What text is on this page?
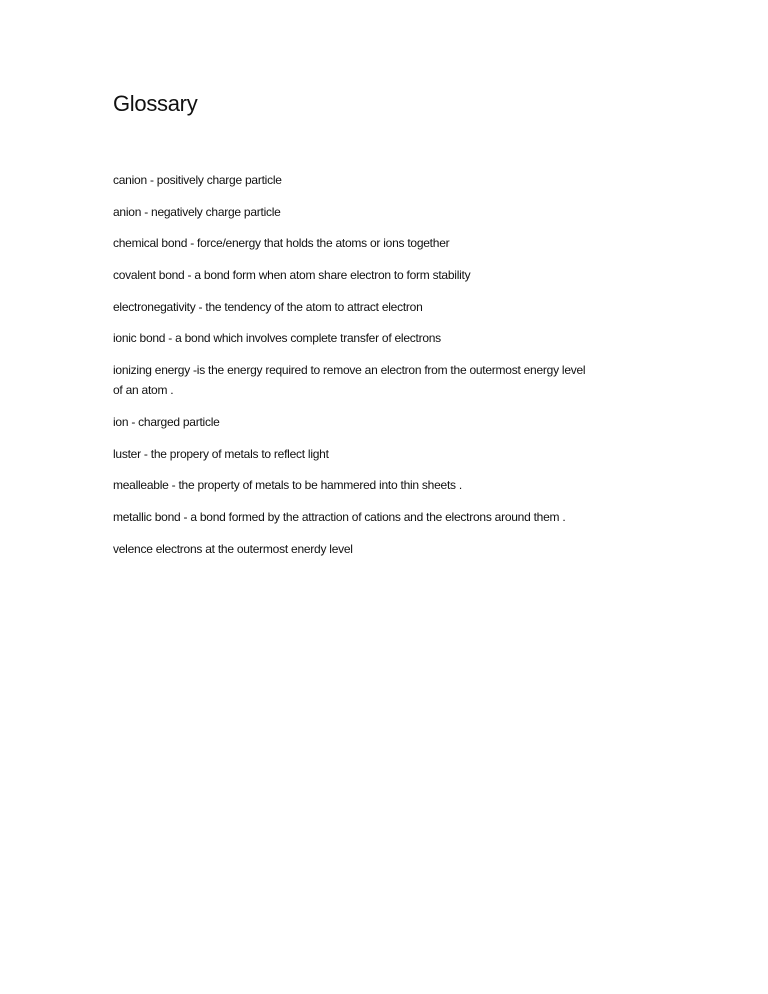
Glossary
canion - positively charge particle
anion - negatively charge particle
chemical bond - force/energy that holds the atoms or ions together
covalent bond - a bond form when atom share electron to form stability
electronegativity - the tendency of the atom to attract electron
ionic bond - a bond which involves complete transfer of electrons
ionizing energy -is the energy required to remove an electron from the outermost energy level
of an atom .
ion - charged particle
luster - the propery of metals to reflect light
mealleable - the property of metals to be hammered into thin sheets .
metallic bond - a bond formed by the attraction of cations and the electrons around them .
velence electrons at the outermost enerdy level
